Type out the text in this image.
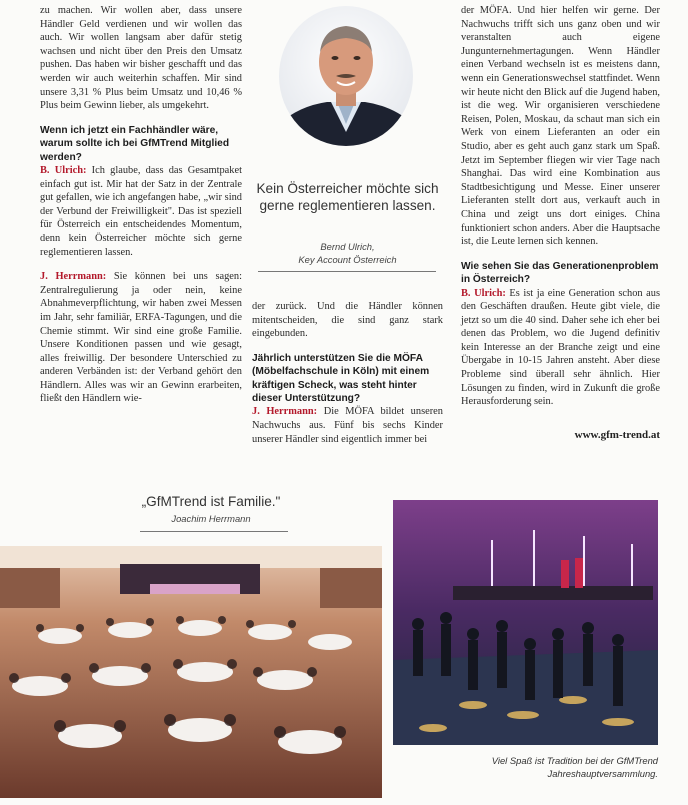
zu machen. Wir wollen aber, dass unsere Händler Geld verdienen und wir wollen das auch. Wir wollen langsam aber dafür stetig wachsen und nicht über den Preis den Umsatz pushen. Das haben wir bisher geschafft und das werden wir auch weiterhin schaffen. Mir sind unsere 3,31 % Plus beim Umsatz und 10,46 % Plus beim Gewinn lieber, als umgekehrt.

Wenn ich jetzt ein Fachhändler wäre, warum sollte ich bei GfMTrend Mitglied werden?

B. Ulrich: Ich glaube, dass das Gesamtpaket einfach gut ist. Mir hat der Satz in der Zentrale gut gefallen, wie ich angefangen habe, „wir sind der Verbund der Freiwilligkeit". Das ist speziell für Österreich ein entscheidendes Momentum, denn kein Österreicher möchte sich gerne reglementieren lassen.

J. Herrmann: Sie können bei uns sagen: Zentralregulierung ja oder nein, keine Abnahmeverpflichtung, wir haben zwei Messen im Jahr, sehr familiär, ERFA-Tagungen, und die Chemie stimmt. Wir sind eine große Familie. Unsere Konditionen passen und wie gesagt, alles freiwillig. Der besondere Unterschied zu anderen Verbänden ist: der Verband gehört den Händlern. Alles was wir an Gewinn erarbeiten, fließt den Händlern wie-

Kein Österreicher möchte sich gerne reglementieren lassen.
Bernd Ulrich,
Key Account Österreich

der zurück. Und die Händler können mitentscheiden, die sind ganz stark eingebunden.

Jährlich unterstützen Sie die MÖFA (Möbelfachschule in Köln) mit einem kräftigen Scheck, was steht hinter dieser Unterstützung?

J. Herrmann: Die MÖFA bildet unseren Nachwuchs aus. Fünf bis sechs Kinder unserer Händler sind eigentlich immer bei

der MÖFA. Und hier helfen wir gerne. Der Nachwuchs trifft sich uns ganz oben und wir veranstalten auch eigene Jungunternehmertagungen. Wenn Händler einen Verband wechseln ist es meistens dann, wenn ein Generationswechsel stattfindet. Wenn wir heute nicht den Blick auf die Jugend haben, ist die weg. Wir organisieren verschiedene Reisen, Polen, Moskau, da schaut man sich ein Werk von einem Lieferanten an oder ein Studio, aber es geht auch ganz stark um Spaß. Jetzt im September fliegen wir vier Tage nach Shanghai. Das wird eine Kombination aus Stadtbesichtigung und Messe. Einer unserer Lieferanten stellt dort aus, verkauft auch in China und zeigt uns dort einiges. China funktioniert schon anders. Aber die Hauptsache ist, die Leute lernen sich kennen.

Wie sehen Sie das Generationenproblem in Österreich?

B. Ulrich: Es ist ja eine Generation schon aus den Geschäften draußen. Heute gibt viele, die jetzt so um die 40 sind. Daher sehe ich eher bei denen das Problem, wo die Jugend definitiv kein Interesse an der Branche zeigt und eine Übergabe in 10-15 Jahren ansteht. Aber diese Probleme sind überall sehr ähnlich. Hier Lösungen zu finden, wird in Zukunft die große Herausforderung sein.

www.gfm-trend.at
„GfMTrend ist Familie."
Joachim Herrmann
Viel Spaß ist Tradition bei der GfMTrend
Jahreshauptversammlung.
